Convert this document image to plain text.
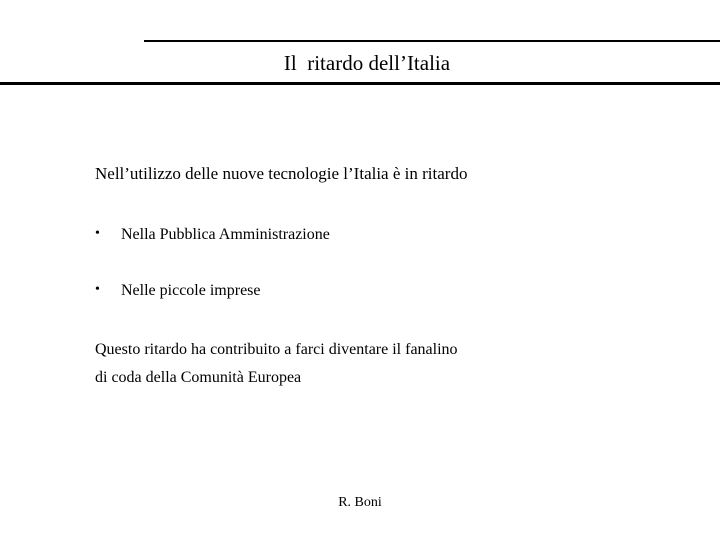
Il  ritardo dell’Italia
Nell’utilizzo delle nuove tecnologie l’Italia è in ritardo
• Nella Pubblica Amministrazione
• Nelle piccole imprese
Questo ritardo ha contribuito a farci diventare il fanalino
di coda della Comunità Europea
R. Boni
